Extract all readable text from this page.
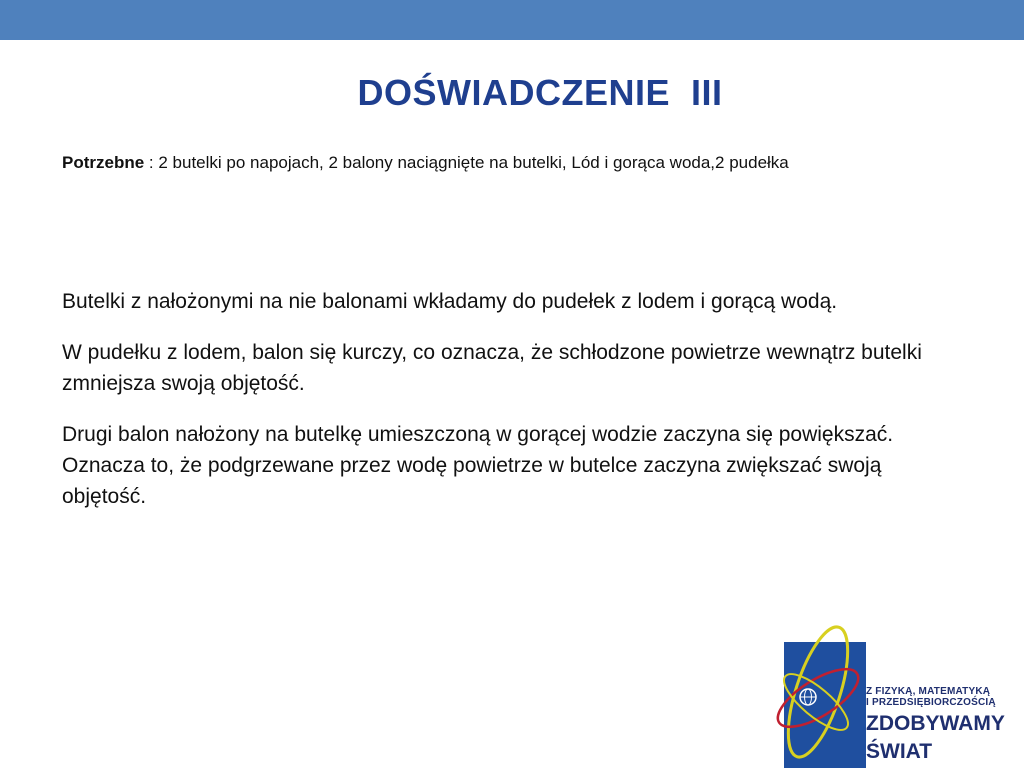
DOŚWIADCZENIE  III
Potrzebne : 2 butelki po napojach, 2 balony naciągnięte na butelki, Lód i gorąca woda,2 pudełka

Butelki z nałożonymi na nie balonami wkładamy do pudełek z lodem i gorącą wodą.

W pudełku z lodem, balon się kurczy, co oznacza, że schłodzone powietrze wewnątrz butelki zmniejsza swoją objętość.

Drugi balon nałożony na butelkę umieszczoną w gorącej wodzie zaczyna się powiększać. Oznacza to, że podgrzewane przez wodę powietrze w butelce zaczyna zwiększać swoją objętość.

Z FIZYKĄ, MATEMATYKĄ
I PRZEDSIĘBIORCZOŚCIĄ
ZDOBYWAMY
ŚWIAT
